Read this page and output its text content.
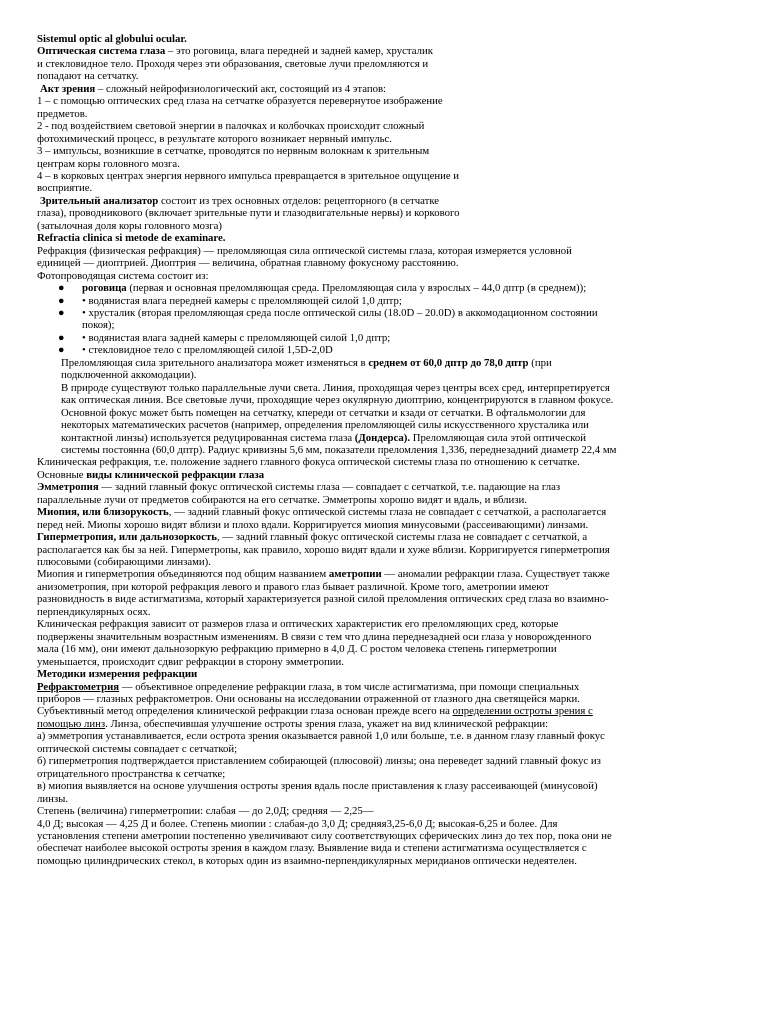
Sistemul optic al globului ocular.
Оптическая система глаза – это роговица, влага передней и задней камер, хрусталик
и стекловидное тело. Проходя через эти образования, световые лучи преломляются и
попадают на сетчатку.
Акт зрения – сложный нейрофизиологический акт, состоящий из 4 этапов:
1 – с помощью оптических сред глаза на сетчатке образуется перевернутое изображение
предметов.
2 - под воздействием световой энергии в палочках и колбочках происходит сложный
фотохимический процесс, в результате которого возникает нервный импульс.
3 – импульсы, возникшие в сетчатке, проводятся по нервным волокнам к зрительным
центрам коры головного мозга.
4 – в корковых центрах энергия нервного импульса превращается в зрительное ощущение и
восприятие.
Зрительный анализатор состоит из трех основных отделов: рецепторного (в сетчатке
глаза), проводникового (включает зрительные пути и глазодвигательные нервы) и коркового
(затылочная доля коры головного мозга)
Refractia clinica si metode de examinare.
Рефракция (физическая рефракция) — преломляющая сила оптической системы глаза, которая измеряется условной
единицей — диоптрией. Диоптрия — величина, обратная главному фокусному расстоянию.
Фотопроводящая система состоит из:
● роговица (первая и основная преломляющая среда. Преломляющая сила у взрослых – 44,0 дптр (в среднем));
● • водянистая влага передней камеры с преломляющей силой 1,0 дптр;
● • хрусталик (вторая преломляющая среда после оптической силы (18.0D – 20.0D) в аккомодационном состоянии
покоя);
● • водянистая влага задней камеры с преломляющей силой 1,0 дптр;
● • стекловидное тело с преломляющей силой 1,5D-2,0D
Преломляющая сила зрительного анализатора может изменяться в среднем от 60,0 дптр до 78,0 дптр (при
подключенной аккомодации).
В природе существуют только параллельные лучи света. Линия, проходящая через центры всех сред, интерпретируется
как оптическая линия. Все световые лучи, проходящие через окулярную диоптрию, концентрируются в главном фокусе.
Основной фокус может быть помещен на сетчатку, кпереди от сетчатки и кзади от сетчатки. В офтальмологии для
некоторых математических расчетов (например, определения преломляющей силы искусственного хрусталика или
контактной линзы) используется редуцированная система глаза (Дондерса). Преломляющая сила этой оптической
системы постоянна (60,0 дптр). Радиус кривизны 5,6 мм, показатели преломления 1,336, переднезадний диаметр 22,4 мм
Клиническая рефракция, т.е. положение заднего главного фокуса оптической системы глаза по отношению к сетчатке.
Основные виды клинической рефракции глаза
Эмметропия — задний главный фокус оптической системы глаза — совпадает с сетчаткой, т.е. падающие на глаз
параллельные лучи от предметов собираются на его сетчатке. Эмметропы хорошо видят и вдаль, и вблизи.
Миопия, или близорукость, — задний главный фокус оптической системы глаза не совпадает с сетчаткой, а располагается
перед ней. Миопы хорошо видят вблизи и плохо вдали. Корригируется миопия минусовыми (рассеивающими) линзами.
Гиперметропия, или дальнозоркость, — задний главный фокус оптической системы глаза не совпадает с сетчаткой, а
располагается как бы за ней. Гиперметропы, как правило, хорошо видят вдали и хуже вблизи. Корригируется гиперметропия
плюсовыми (собирающими линзами).
Миопия и гиперметропия объединяются под общим названием аметропии — аномалии рефракции глаза. Существует также
анизометропия, при которой рефракция левого и правого глаз бывает различной. Кроме того, аметропии имеют
разновидность в виде астигматизма, который характеризуется разной силой преломления оптических сред глаза во взаимно-
перпендикулярных осях.
Клиническая рефракция зависит от размеров глаза и оптических характеристик его преломляющих сред, которые
подвержены значительным возрастным изменениям. В связи с тем что длина переднезадней оси глаза у новорожденного
мала (16 мм), они имеют дальнозоркую рефракцию примерно в 4,0 Д. С ростом человека степень гиперметропии
уменьшается, происходит сдвиг рефракции в сторону эмметропии.
Методики измерения рефракции
Рефрактометрия — объективное определение рефракции глаза, в том числе астигматизма, при помощи специальных
приборов — глазных рефрактометров. Они основаны на исследовании отраженной от глазного дна светящейся марки.
Субъективный метод определения клинической рефракции глаза основан прежде всего на определении остроты зрения с
помощью линз. Линза, обеспечившая улучшение остроты зрения глаза, укажет на вид клинической рефракции:
а) эмметропия устанавливается, если острота зрения оказывается равной 1,0 или больше, т.е. в данном глазу главный фокус
оптической системы совпадает с сетчаткой;
б) гиперметропия подтверждается приставлением собирающей (плюсовой) линзы; она переведет задний главный фокус из
отрицательного пространства к сетчатке;
в) миопия выявляется на основе улучшения остроты зрения вдаль после приставления к глазу рассеивающей (минусовой)
линзы.
Степень (величина) гиперметропии: слабая — до 2,0Д; средняя — 2,25—
4,0 Д; высокая — 4,25 Д и более. Степень миопии : слабая-до 3,0 Д; средняя3,25-6,0 Д; высокая-6,25 и более. Для
установления степени аметропии постепенно увеличивают силу соответствующих сферических линз до тех пор, пока они не
обеспечат наиболее высокой остроты зрения в каждом глазу. Выявление вида и степени астигматизма осуществляется с
помощью цилиндрических стекол, в которых один из взаимно-перпендикулярных меридианов оптически недеятелен.
